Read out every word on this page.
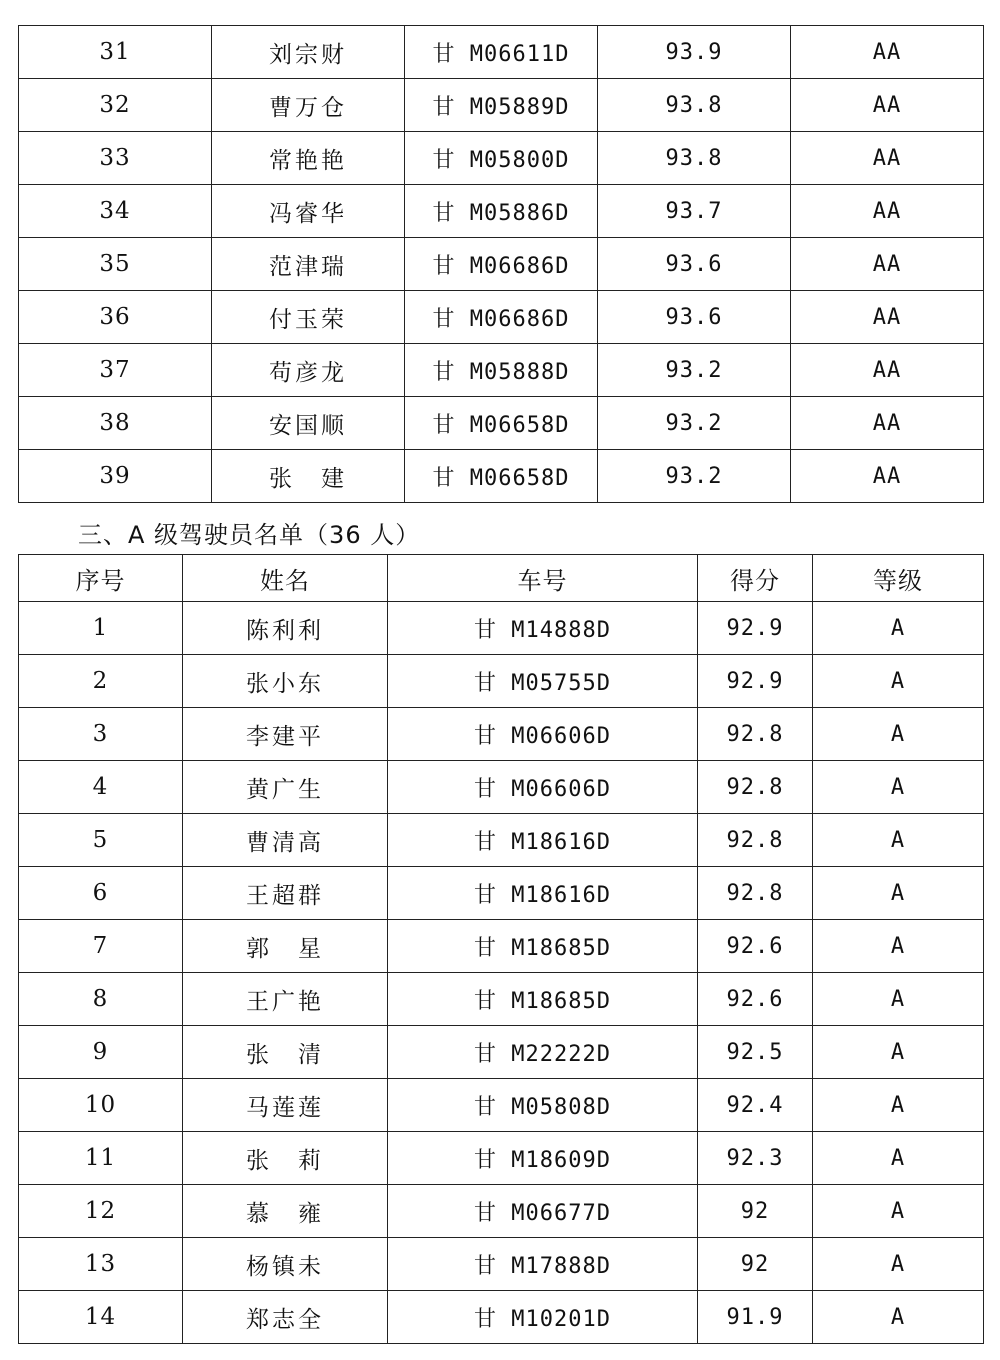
31	刘宗财	甘 M06611D	93.9	AA
32	曹万仓	甘 M05889D	93.8	AA
33	常艳艳	甘 M05800D	93.8	AA
34	冯睿华	甘 M05886D	93.7	AA
35	范津瑞	甘 M06686D	93.6	AA
36	付玉荣	甘 M06686D	93.6	AA
37	苟彦龙	甘 M05888D	93.2	AA
38	安国顺	甘 M06658D	93.2	AA
39	张　建	甘 M06658D	93.2	AA
三、A 级驾驶员名单（36 人）
序号	姓名	车号	得分	等级
1	陈利利	甘 M14888D	92.9	A
2	张小东	甘 M05755D	92.9	A
3	李建平	甘 M06606D	92.8	A
4	黄广生	甘 M06606D	92.8	A
5	曹清高	甘 M18616D	92.8	A
6	王超群	甘 M18616D	92.8	A
7	郭　星	甘 M18685D	92.6	A
8	王广艳	甘 M18685D	92.6	A
9	张　清	甘 M22222D	92.5	A
10	马莲莲	甘 M05808D	92.4	A
11	张　莉	甘 M18609D	92.3	A
12	慕　雍	甘 M06677D	92	A
13	杨镇未	甘 M17888D	92	A
14	郑志全	甘 M10201D	91.9	A
